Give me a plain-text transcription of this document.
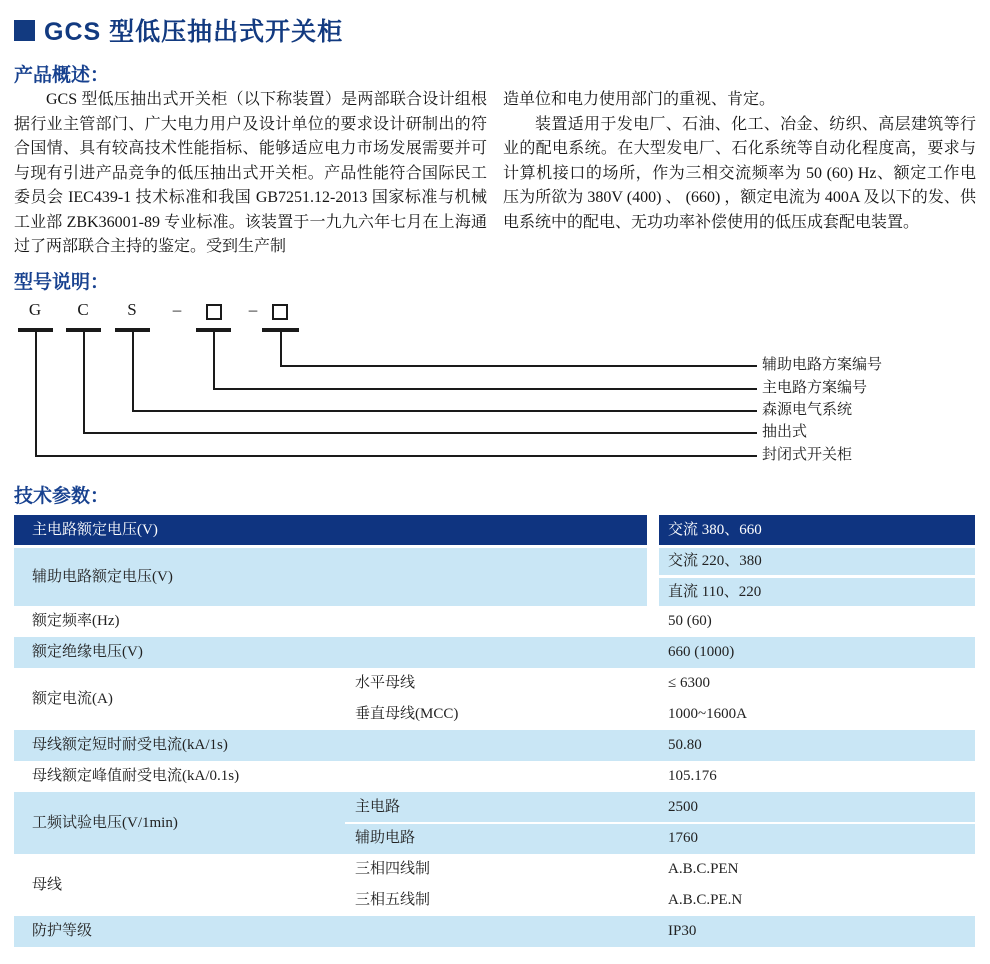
GCS 型低压抽出式开关柜
产品概述：

GCS 型低压抽出式开关柜（以下称装置）是两部联合设计组根据行业主管部门、广大电力用户及设计单位的要求设计研制出的符合国情、具有较高技术性能指标、能够适应电力市场发展需要并可与现有引进产品竞争的低压抽出式开关柜。产品性能符合国际民工委员会 IEC439-1 技术标准和我国 GB7251.12-2013 国家标准与机械工业部 ZBK36001-89 专业标准。该装置于一九九六年七月在上海通过了两部联合主持的鉴定。受到生产制

造单位和电力使用部门的重视、肯定。

装置适用于发电厂、石油、化工、冶金、纺织、高层建筑等行业的配电系统。在大型发电厂、石化系统等自动化程度高，要求与计算机接口的场所，作为三相交流频率为 50 (60) Hz、额定工作电压为所欲为 380V (400) 、 (660) ，额定电流为 400A 及以下的发、供电系统中的配电、无功功率补偿使用的低压成套配电装置。

型号说明：
G C S –	–
辅助电路方案编号
主电路方案编号
森源电气系统
抽出式
封闭式开关柜
技术参数：
主电路额定电压(V)	交流 380、660
辅助电路额定电压(V)
交流 220、380
直流 110、220
额定频率(Hz)	50 (60)
额定绝缘电压(V)	660 (1000)
额定电流(A)
水平母线	≤ 6300
垂直母线(MCC)	1000~1600A
母线额定短时耐受电流(kA/1s)	50.80
母线额定峰值耐受电流(kA/0.1s)	105.176
工频试验电压(V/1min)
主电路	2500
辅助电路	1760
母线
三相四线制	A.B.C.PEN
三相五线制	A.B.C.PE.N
防护等级	IP30
